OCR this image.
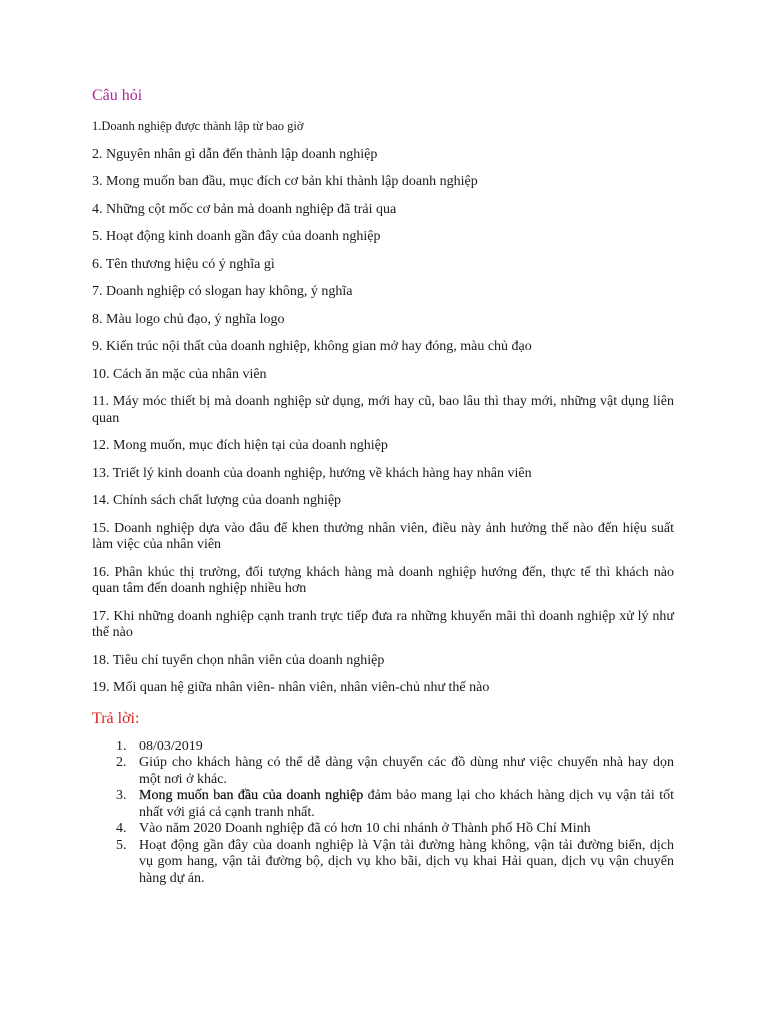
Câu hỏi
1.Doanh nghiệp được thành lập từ bao giờ
2. Nguyên nhân gì dẫn đến thành lập doanh nghiệp
3. Mong muốn ban đầu, mục đích cơ bản khi thành lập doanh nghiệp
4. Những cột mốc cơ bản mà doanh nghiệp đã trải qua
5. Hoạt động kinh doanh gần đây của doanh nghiệp
6. Tên thương hiệu có ý nghĩa gì
7. Doanh nghiệp có slogan hay không, ý nghĩa
8. Màu logo chủ đạo, ý nghĩa logo
9. Kiến trúc nội thất của doanh nghiệp, không gian mở hay đóng, màu chủ đạo
10. Cách ăn mặc của nhân viên
11. Máy móc thiết bị mà doanh nghiệp sử dụng, mới hay cũ, bao lâu thì thay mới, những vật dụng liên quan
12. Mong muốn, mục đích hiện tại của doanh nghiệp
13. Triết lý kinh doanh của doanh nghiệp, hướng về khách hàng hay nhân viên
14. Chính sách chất lượng của doanh nghiệp
15. Doanh nghiệp dựa vào đâu để khen thưởng nhân viên, điều này ảnh hưởng thế nào đến hiệu suất làm việc của nhân viên
16. Phân khúc thị trường, đối tượng khách hàng mà doanh nghiệp hướng đến, thực tế thì khách nào quan tâm đến doanh nghiệp nhiều hơn
17. Khi những doanh nghiệp cạnh tranh trực tiếp đưa ra những khuyến mãi thì doanh nghiệp xử lý như thế nào
18. Tiêu chí tuyển chọn nhân viên của doanh nghiệp
19. Mối quan hệ giữa nhân viên- nhân viên, nhân viên-chủ như thế nào
Trả lời:
1. 08/03/2019
2. Giúp cho khách hàng có thể dễ dàng vận chuyển các đồ dùng như việc chuyển nhà hay dọn một nơi ở khác.
3. Mong muốn ban đầu của doanh nghiệp đảm bảo mang lại cho khách hàng dịch vụ vận tải tốt nhất với giá cả cạnh tranh nhất.
4. Vào năm 2020 Doanh nghiệp đã có hơn 10 chi nhánh ở Thành phố Hồ Chí Minh
5. Hoạt động gần đây của doanh nghiệp là Vận tải đường hàng không, vận tải đường biển, dịch vụ gom hang, vận tải đường bộ, dịch vụ kho bãi, dịch vụ khai Hải quan, dịch vụ vận chuyển hàng dự án.
